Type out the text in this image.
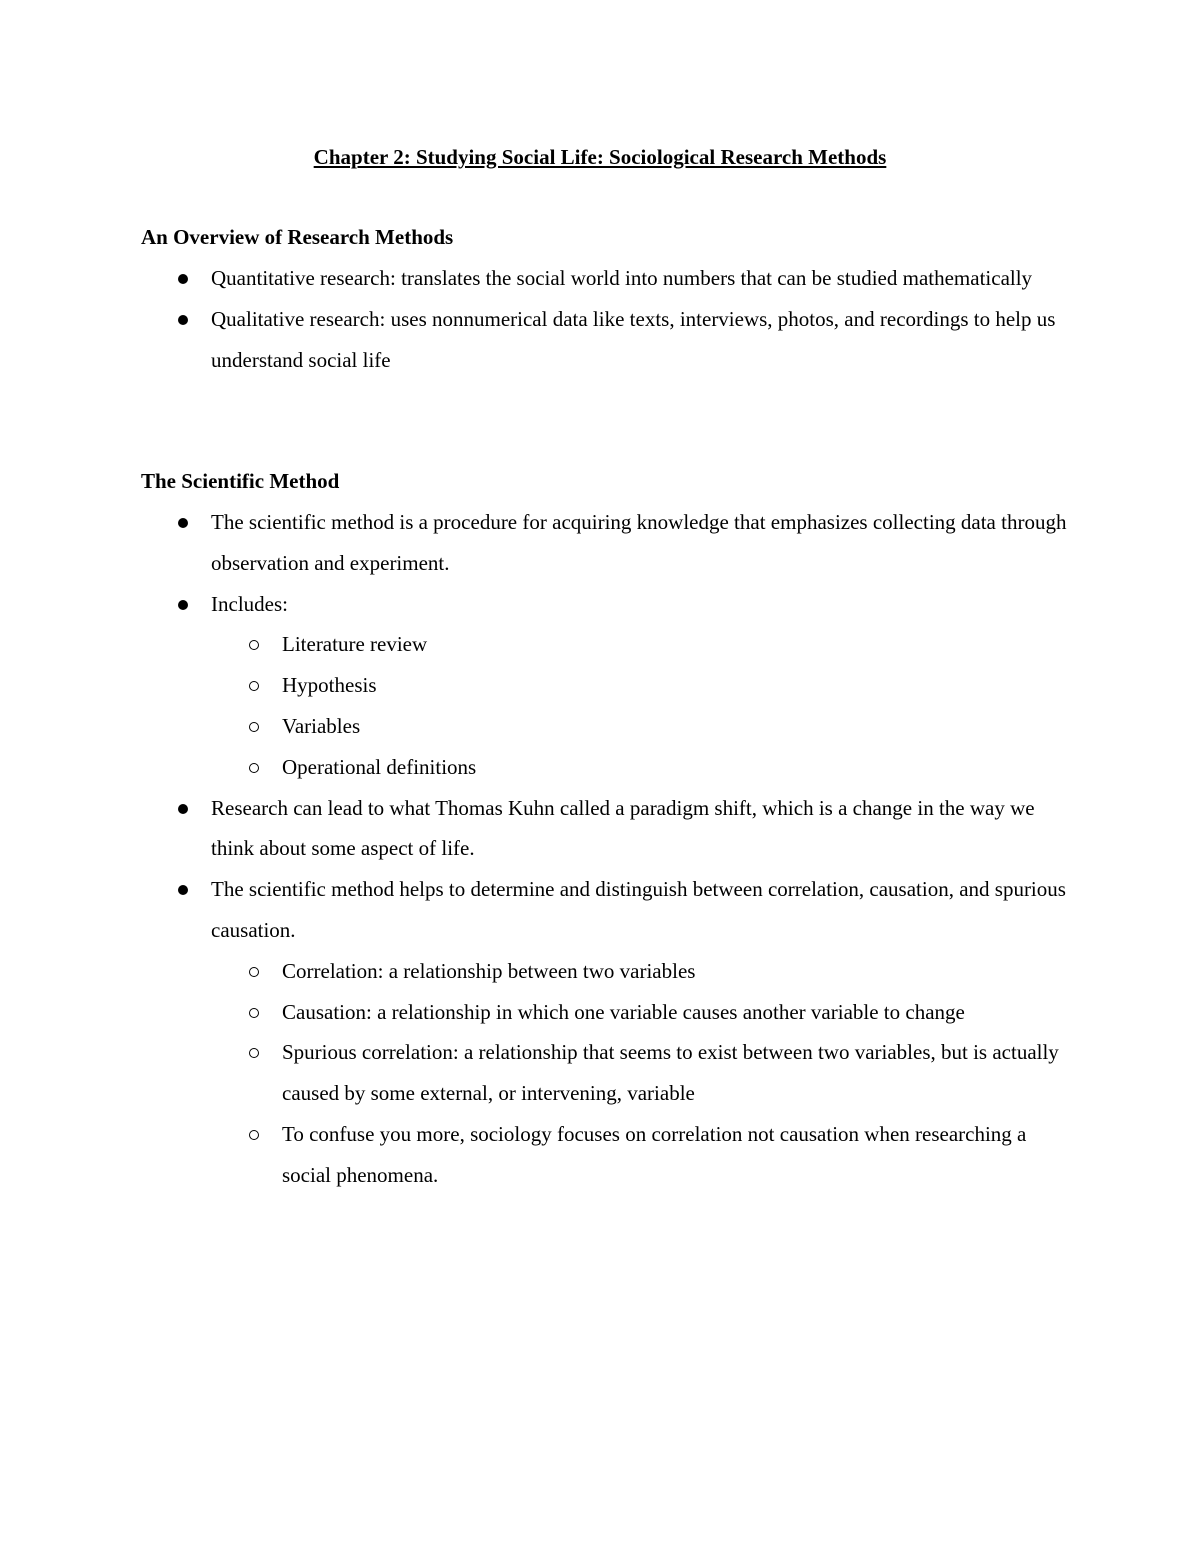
Chapter 2: Studying Social Life: Sociological Research Methods
An Overview of Research Methods
Quantitative research: translates the social world into numbers that can be studied mathematically
Qualitative research: uses nonnumerical data like texts, interviews, photos, and recordings to help us understand social life
The Scientific Method
The scientific method is a procedure for acquiring knowledge that emphasizes collecting data through observation and experiment.
Includes:
Literature review
Hypothesis
Variables
Operational definitions
Research can lead to what Thomas Kuhn called a paradigm shift, which is a change in the way we think about some aspect of life.
The scientific method helps to determine and distinguish between correlation, causation, and spurious causation.
Correlation: a relationship between two variables
Causation: a relationship in which one variable causes another variable to change
Spurious correlation: a relationship that seems to exist between two variables, but is actually caused by some external, or intervening, variable
To confuse you more, sociology focuses on correlation not causation when researching a social phenomena.
